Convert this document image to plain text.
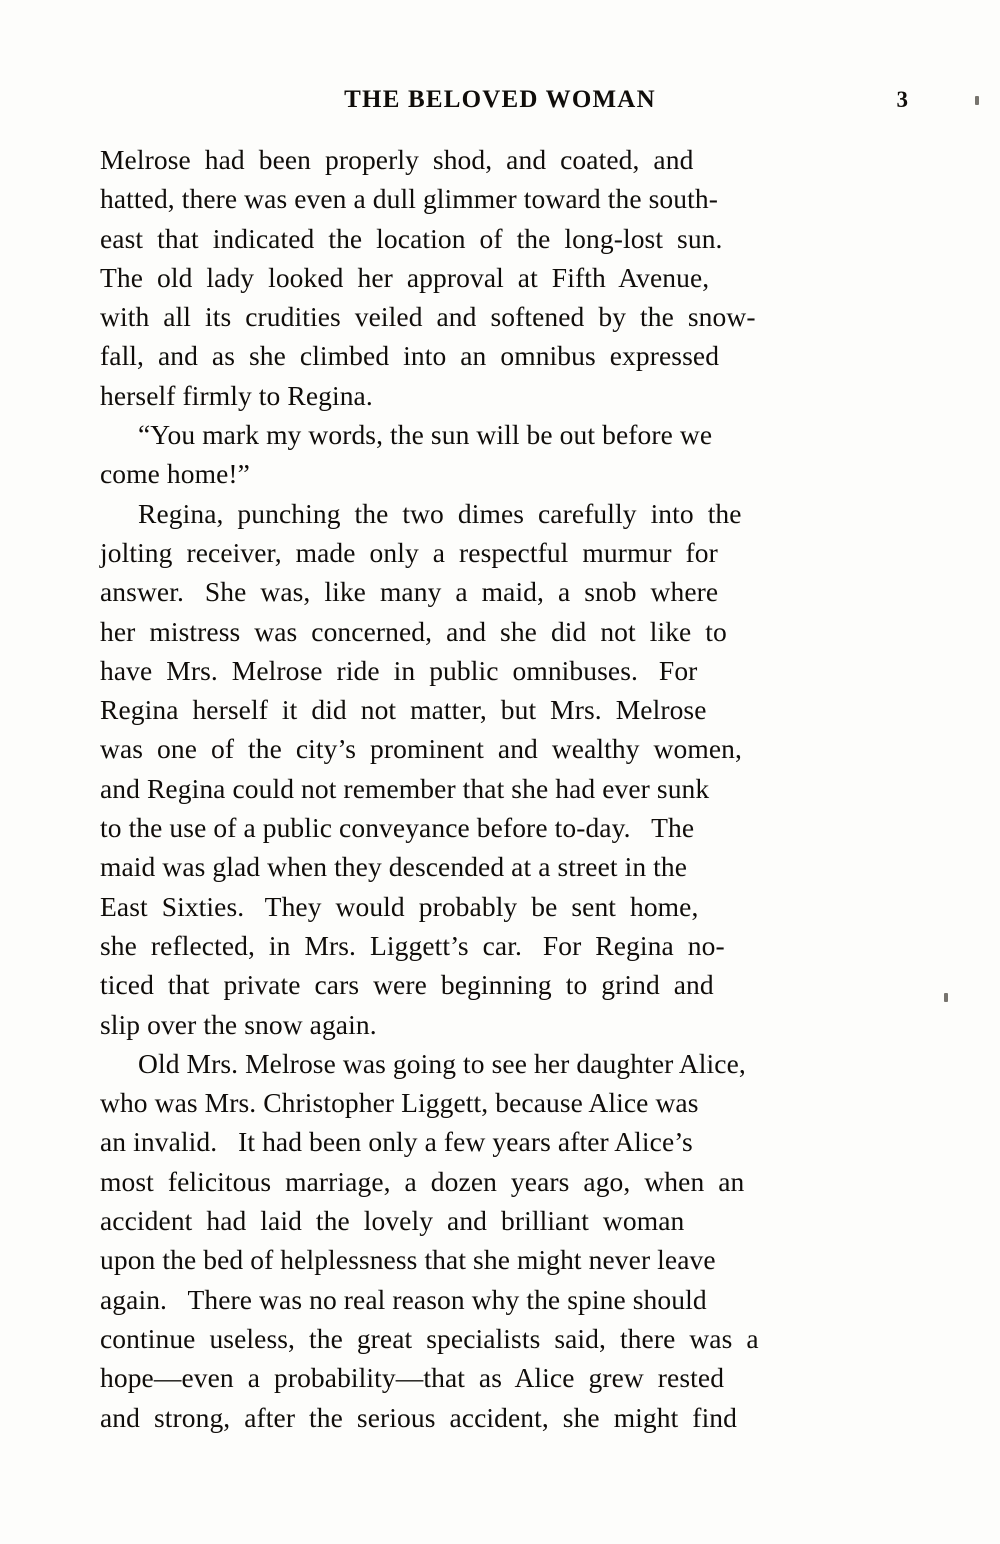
THE BELOVED WOMAN	3
Melrose  had  been  properly  shod,  and  coated,  and
hatted, there was even a dull glimmer toward the south-
east  that  indicated  the  location  of  the  long-lost  sun.
The  old  lady  looked  her  approval  at  Fifth  Avenue,
with  all  its  crudities  veiled  and  softened  by  the  snow-
fall,  and  as  she  climbed  into  an  omnibus  expressed
herself firmly to Regina.
“You mark my words, the sun will be out before we
come home!”
Regina,  punching  the  two  dimes  carefully  into  the
jolting  receiver,  made  only  a  respectful  murmur  for
answer.   She  was,  like  many  a  maid,  a  snob  where
her  mistress  was  concerned,  and  she  did  not  like  to
have  Mrs.  Melrose  ride  in  public  omnibuses.   For
Regina  herself  it  did  not  matter,  but  Mrs.  Melrose
was  one  of  the  city’s  prominent  and  wealthy  women,
and Regina could not remember that she had ever sunk
to the use of a public conveyance before to-day.   The
maid was glad when they descended at a street in the
East  Sixties.   They  would  probably  be  sent  home,
she  reflected,  in  Mrs.  Liggett’s  car.   For  Regina  no-
ticed  that  private  cars  were  beginning  to  grind  and
slip over the snow again.
Old Mrs. Melrose was going to see her daughter Alice,
who was Mrs. Christopher Liggett, because Alice was
an invalid.   It had been only a few years after Alice’s
most  felicitous  marriage,  a  dozen  years  ago,  when  an
accident  had  laid  the  lovely  and  brilliant  woman
upon the bed of helplessness that she might never leave
again.   There was no real reason why the spine should
continue  useless,  the  great  specialists  said,  there  was  a
hope—even  a  probability—that  as  Alice  grew  rested
and  strong,  after  the  serious  accident,  she  might  find
